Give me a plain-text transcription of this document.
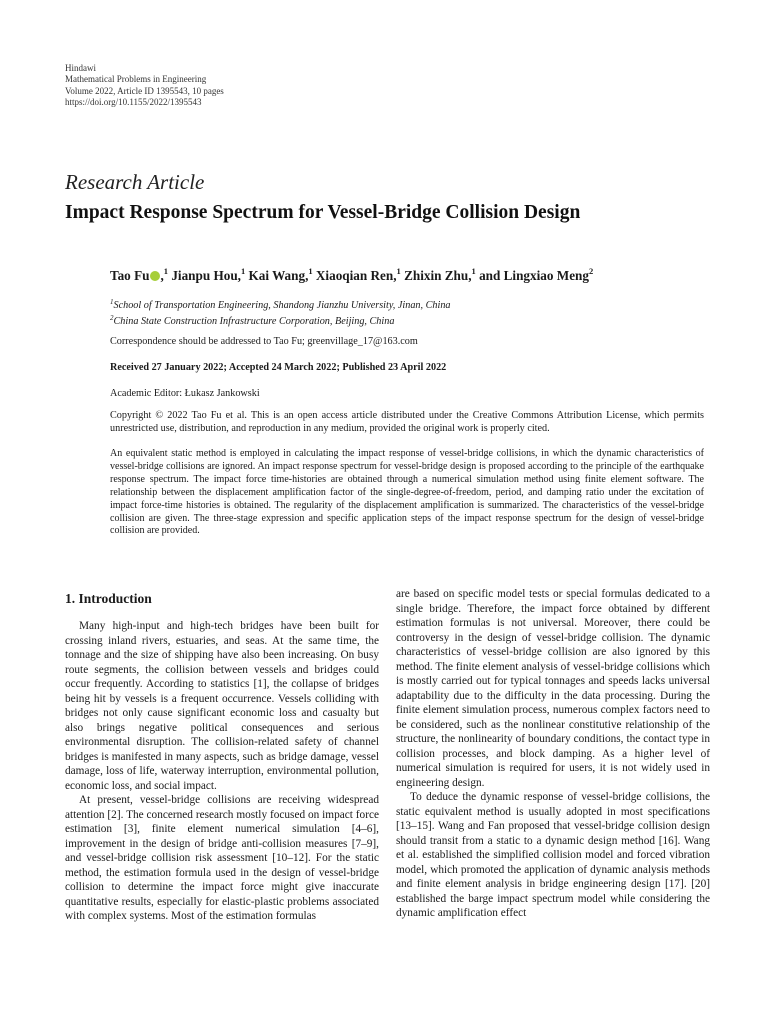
Hindawi
Mathematical Problems in Engineering
Volume 2022, Article ID 1395543, 10 pages
https://doi.org/10.1155/2022/1395543
Research Article
Impact Response Spectrum for Vessel-Bridge Collision Design
Tao Fu ,$^1$ Jianpu Hou,$^1$ Kai Wang,$^1$ Xiaoqian Ren,$^1$ Zhixin Zhu,$^1$ and Lingxiao Meng$^2$
$^1$School of Transportation Engineering, Shandong Jianzhu University, Jinan, China
$^2$China State Construction Infrastructure Corporation, Beijing, China
Correspondence should be addressed to Tao Fu; greenvillage_17@163.com
Received 27 January 2022; Accepted 24 March 2022; Published 23 April 2022
Academic Editor: Łukasz Jankowski
Copyright © 2022 Tao Fu et al. This is an open access article distributed under the Creative Commons Attribution License, which permits unrestricted use, distribution, and reproduction in any medium, provided the original work is properly cited.
An equivalent static method is employed in calculating the impact response of vessel-bridge collisions, in which the dynamic characteristics of vessel-bridge collisions are ignored. An impact response spectrum for vessel-bridge design is proposed according to the principle of the earthquake response spectrum. The impact force time-histories are obtained through a numerical simulation method using finite element software. The relationship between the displacement amplification factor of the single-degree-of-freedom, period, and damping ratio under the excitation of impact force-time histories is obtained. The regularity of the displacement amplification is summarized. The characteristics of the vessel-bridge collision are given. The three-stage expression and specific application steps of the impact response spectrum for the design of vessel-bridge collision are provided.
1. Introduction

Many high-input and high-tech bridges have been built for crossing inland rivers, estuaries, and seas. At the same time, the tonnage and the size of shipping have also been increasing. On busy route segments, the collision between vessels and bridges could occur frequently. According to statistics [1], the collapse of bridges being hit by vessels is a frequent occurrence. Vessels colliding with bridges not only cause significant economic loss and casualty but also brings negative political consequences and serious environmental disruption. The collision-related safety of channel bridges is manifested in many aspects, such as bridge damage, vessel damage, loss of life, waterway interruption, environmental pollution, economic loss, and social impact.

At present, vessel-bridge collisions are receiving widespread attention [2]. The concerned research mostly focused on impact force estimation [3], finite element numerical simulation [4–6], improvement in the design of bridge anti-collision measures [7–9], and vessel-bridge collision risk assessment [10–12]. For the static method, the estimation formula used in the design of vessel-bridge collision to determine the impact force might give inaccurate quantitative results, especially for elastic-plastic problems associated with complex systems. Most of the estimation formulas

are based on specific model tests or special formulas dedicated to a single bridge. Therefore, the impact force obtained by different estimation formulas is not universal. Moreover, there could be controversy in the design of vessel-bridge collision. The dynamic characteristics of vessel-bridge collision are also ignored by this method. The finite element analysis of vessel-bridge collisions which is mostly carried out for typical tonnages and speeds lacks universal adaptability due to the difficulty in the data processing. During the finite element simulation process, numerous complex factors need to be considered, such as the nonlinear constitutive relationship of the structure, the nonlinearity of boundary conditions, the contact type in collision processes, and block damping. As a higher level of numerical simulation is required for users, it is not widely used in engineering design.

To deduce the dynamic response of vessel-bridge collisions, the static equivalent method is usually adopted in most specifications [13–15]. Wang and Fan proposed that vessel-bridge collision design should transit from a static to a dynamic design method [16]. Wang et al. established the simplified collision model and forced vibration model, which promoted the application of dynamic analysis methods and finite element analysis in bridge engineering design [17]. [20] established the barge impact spectrum model while considering the dynamic amplification effect
